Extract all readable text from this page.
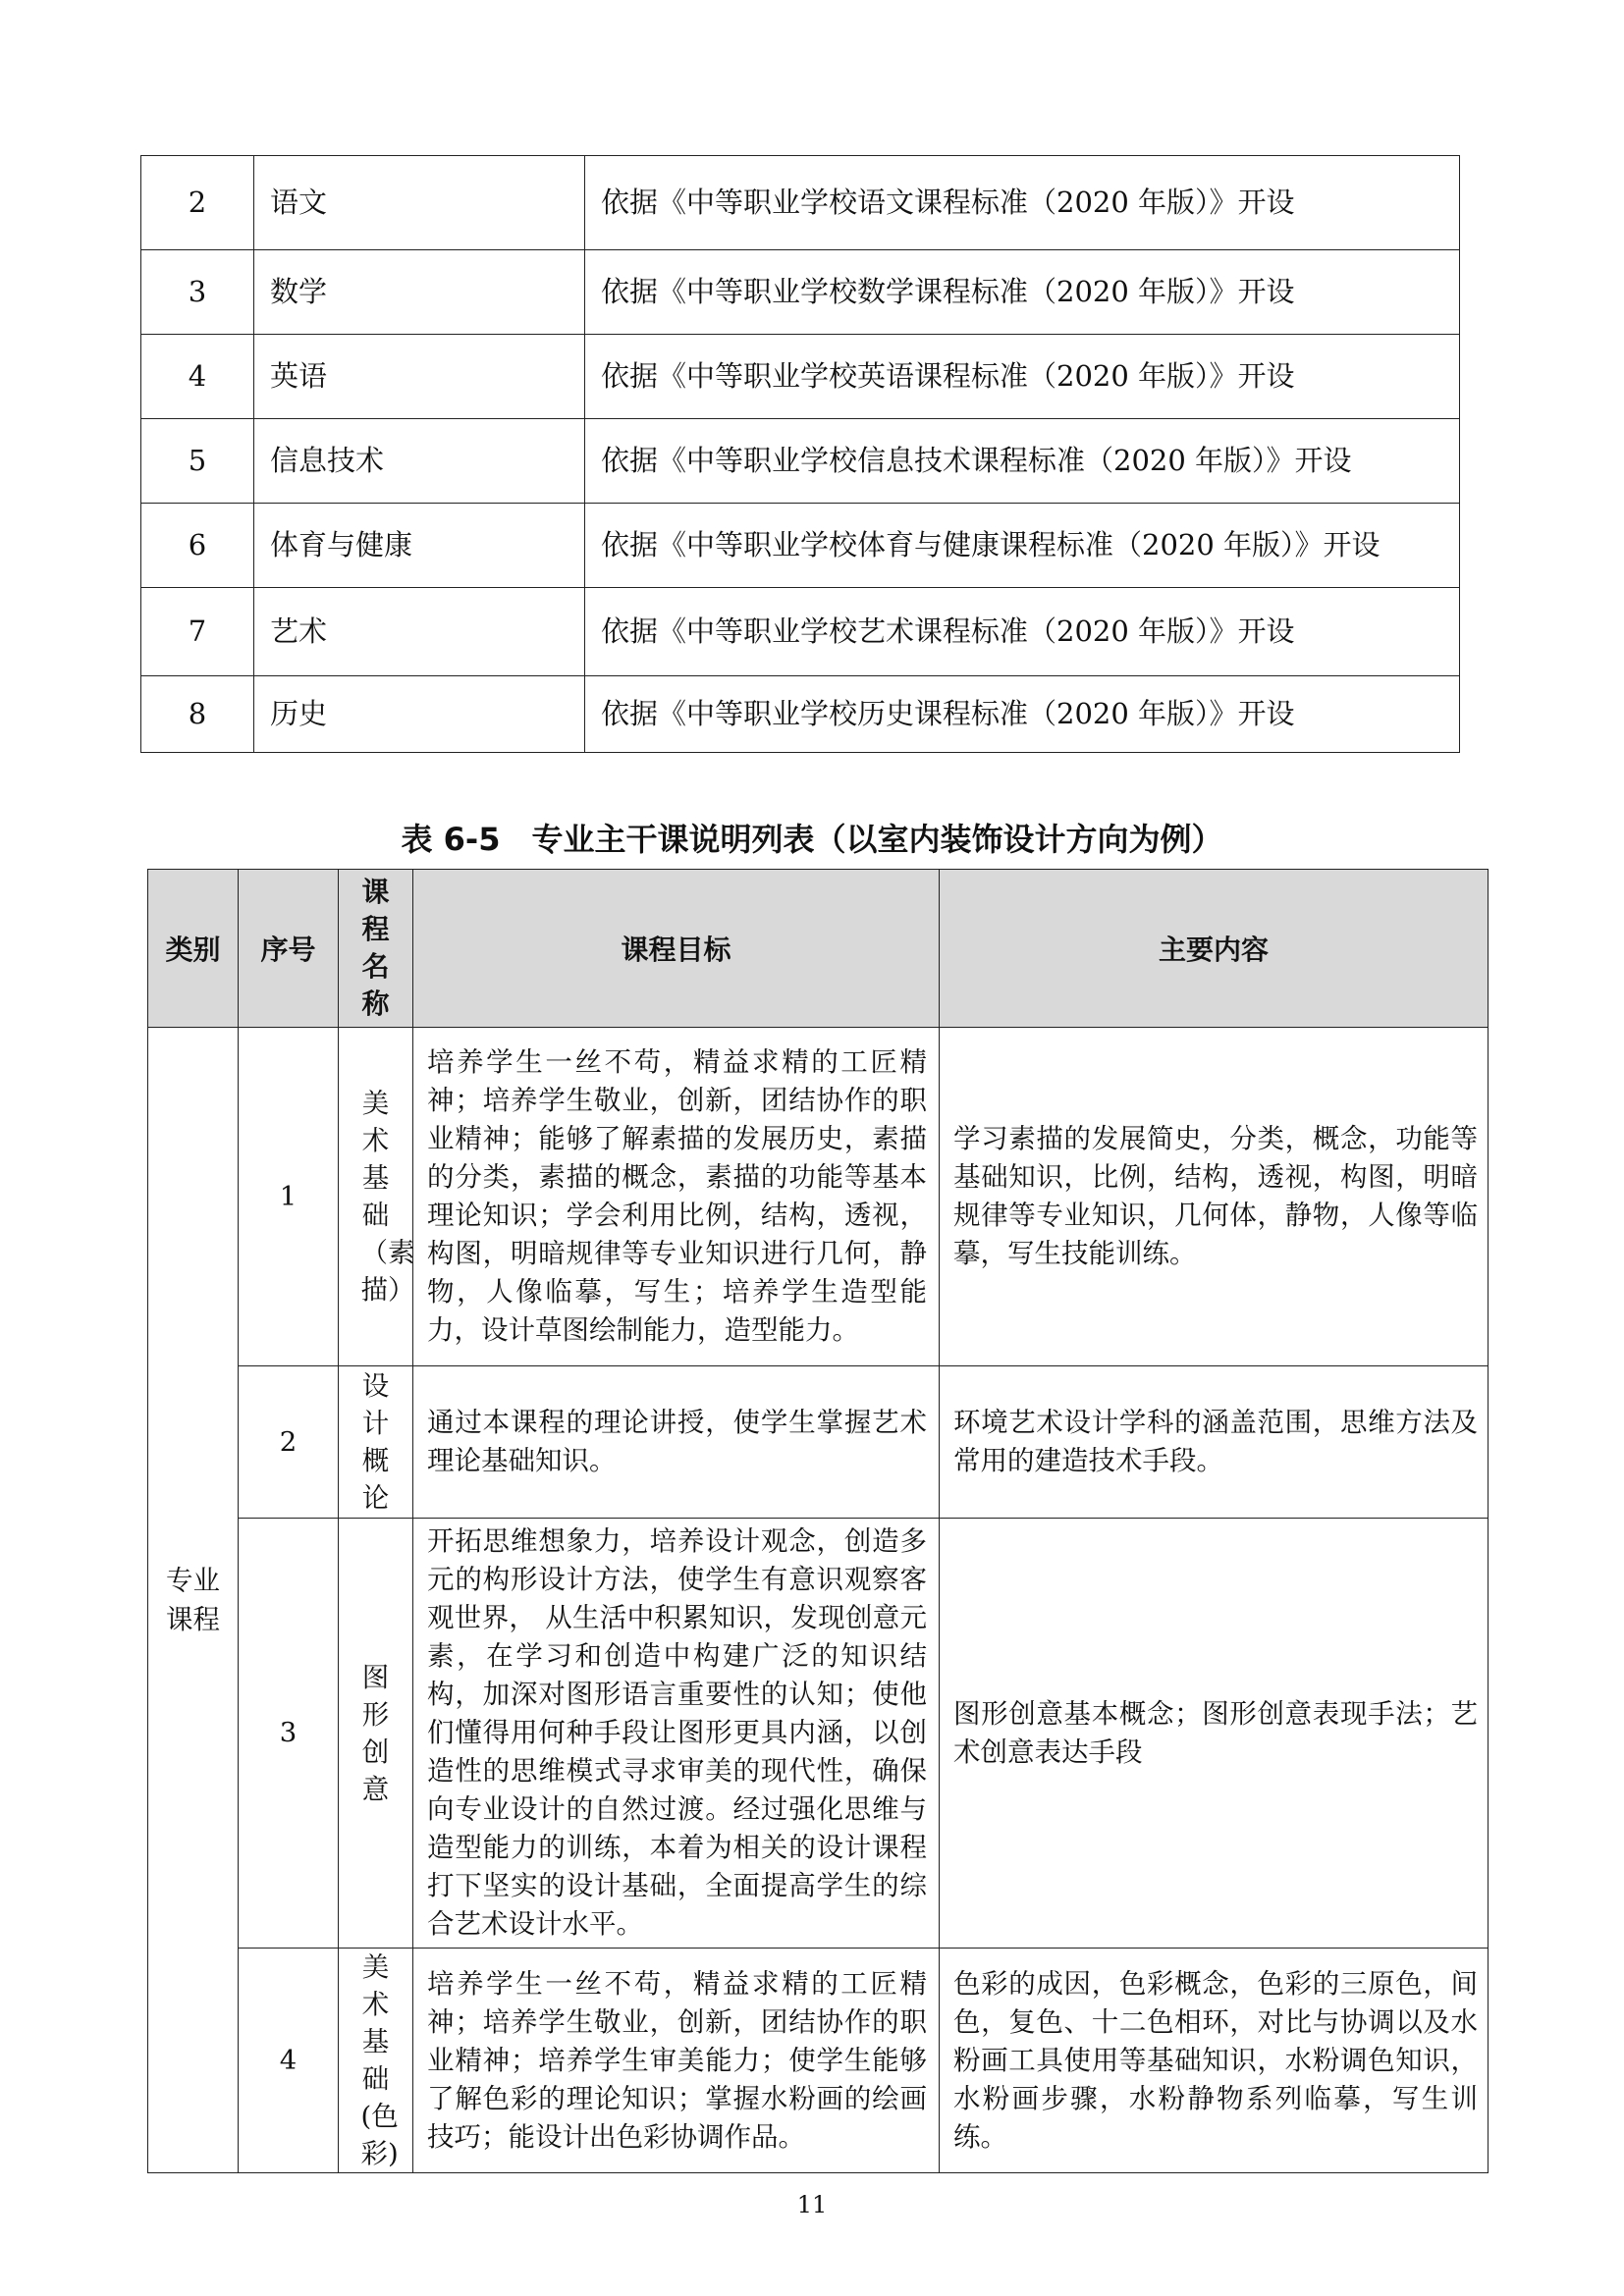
2	语文	依据《中等职业学校语文课程标准（2020 年版）》开设
3	数学	依据《中等职业学校数学课程标准（2020 年版）》开设
4	英语	依据《中等职业学校英语课程标准（2020 年版）》开设
5	信息技术	依据《中等职业学校信息技术课程标准（2020 年版）》开设
6	体育与健康	依据《中等职业学校体育与健康课程标准（2020 年版）》开设
7	艺术	依据《中等职业学校艺术课程标准（2020 年版）》开设
8	历史	依据《中等职业学校历史课程标准（2020 年版）》开设
表 6-5　专业主干课说明列表（以室内装饰设计方向为例）
类别	序号	课程名称	课程目标	主要内容
专业课程	1	美术基础（素描）	培养学生一丝不苟，精益求精的工匠精神；培养学生敬业，创新，团结协作的职业精神；能够了解素描的发展历史，素描的分类，素描的概念，素描的功能等基本理论知识；学会利用比例，结构，透视，构图，明暗规律等专业知识进行几何，静物，人像临摹，写生；培养学生造型能力，设计草图绘制能力，造型能力。	学习素描的发展简史，分类，概念，功能等基础知识，比例，结构，透视，构图，明暗规律等专业知识，几何体，静物，人像等临摹，写生技能训练。
	2	设计概论	通过本课程的理论讲授，使学生掌握艺术理论基础知识。	环境艺术设计学科的涵盖范围，思维方法及常用的建造技术手段。
	3	图形创意	开拓思维想象力，培养设计观念，创造多元的构形设计方法，使学生有意识观察客观世界， 从生活中积累知识，发现创意元素，在学习和创造中构建广泛的知识结构，加深对图形语言重要性的认知；使他们懂得用何种手段让图形更具内涵，以创造性的思维模式寻求审美的现代性，确保向专业设计的自然过渡。经过强化思维与造型能力的训练，本着为相关的设计课程打下坚实的设计基础，全面提高学生的综合艺术设计水平。	图形创意基本概念；图形创意表现手法；艺术创意表达手段
	4	美术基础(色彩)	培养学生一丝不苟，精益求精的工匠精神；培养学生敬业，创新，团结协作的职业精神；培养学生审美能力；使学生能够了解色彩的理论知识；掌握水粉画的绘画技巧；能设计出色彩协调作品。	色彩的成因，色彩概念，色彩的三原色，间色，复色、十二色相环，对比与协调以及水粉画工具使用等基础知识，水粉调色知识，水粉画步骤，水粉静物系列临摹，写生训练。
11
